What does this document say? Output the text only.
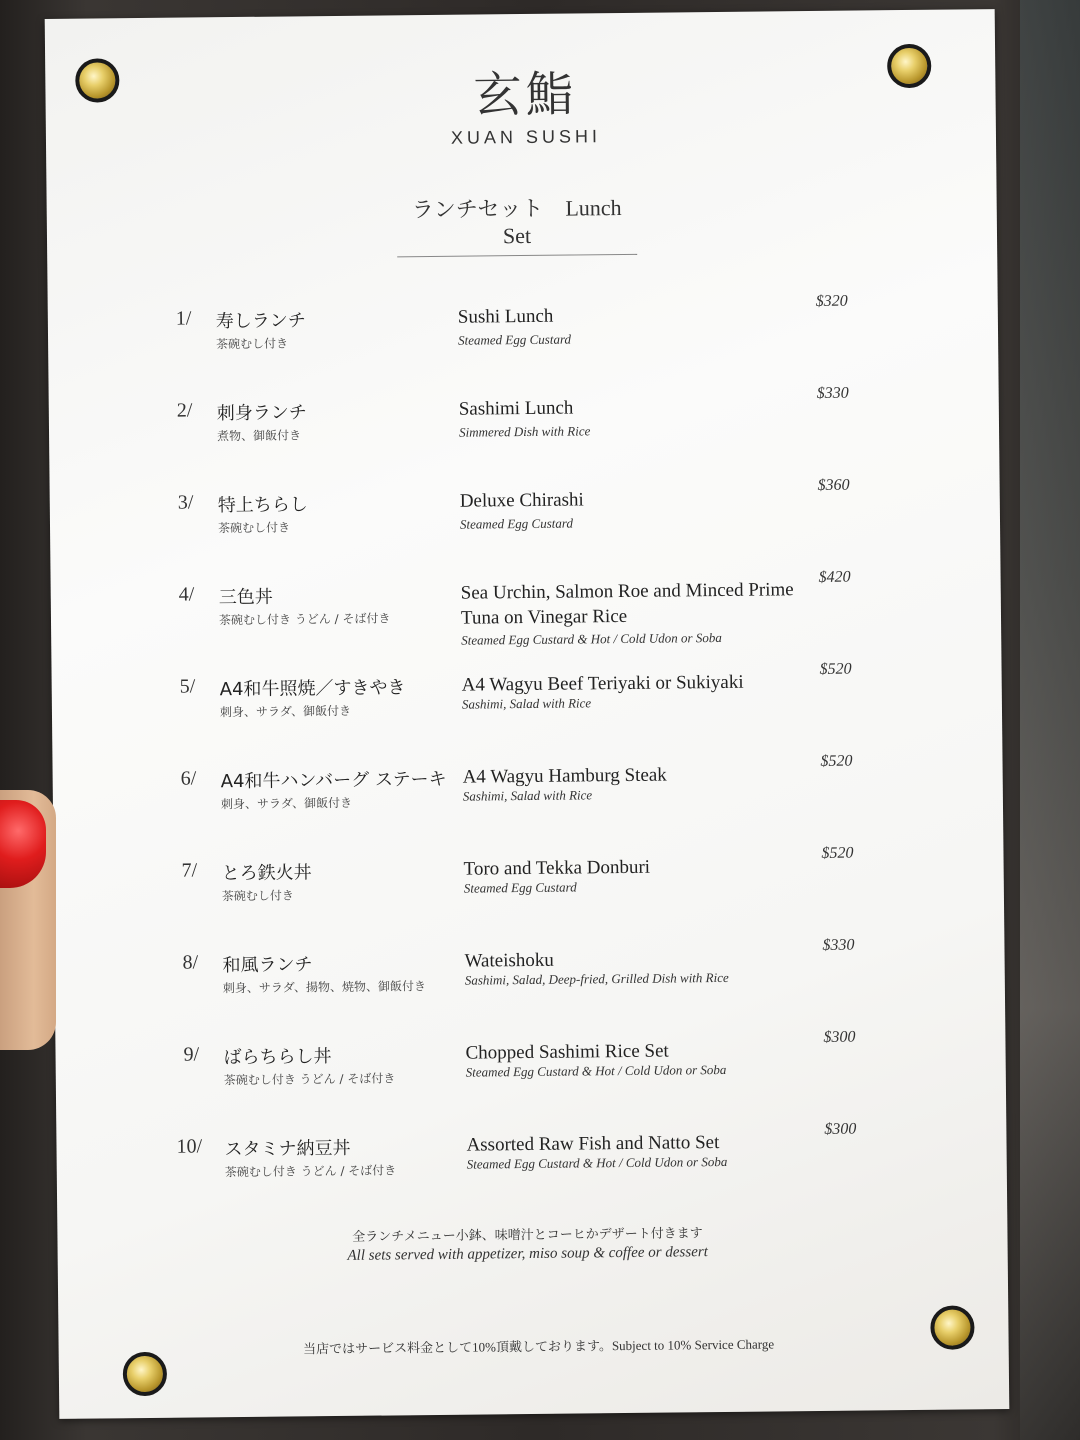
玄鮨
XUAN SUSHI
ランチセット　Lunch Set
1/ 寿しランチ
茶碗むし付き
Sushi Lunch
Steamed Egg Custard
$320
2/ 刺身ランチ
煮物、御飯付き
Sashimi Lunch
Simmered Dish with Rice
$330
3/ 特上ちらし
茶碗むし付き
Deluxe Chirashi
Steamed Egg Custard
$360
4/ 三色丼
茶碗むし付き うどん / そば付き
Sea Urchin, Salmon Roe and Minced Prime Tuna on Vinegar Rice
Steamed Egg Custard & Hot / Cold Udon or Soba
$420
5/ A4和牛照焼／すきやき
刺身、サラダ、御飯付き
A4 Wagyu Beef Teriyaki or Sukiyaki
Sashimi, Salad with Rice
$520
6/ A4和牛ハンバーグ ステーキ
刺身、サラダ、御飯付き
A4 Wagyu Hamburg Steak
Sashimi, Salad with Rice
$520
7/ とろ鉄火丼
茶碗むし付き
Toro and Tekka Donburi
Steamed Egg Custard
$520
8/ 和風ランチ
刺身、サラダ、揚物、焼物、御飯付き
Wateishoku
Sashimi, Salad, Deep-fried, Grilled Dish with Rice
$330
9/ ばらちらし丼
茶碗むし付き うどん / そば付き
Chopped Sashimi Rice Set
Steamed Egg Custard & Hot / Cold Udon or Soba
$300
10/ スタミナ納豆丼
茶碗むし付き うどん / そば付き
Assorted Raw Fish and Natto Set
Steamed Egg Custard & Hot / Cold Udon or Soba
$300
全ランチメニュー小鉢、味噌汁とコーヒかデザート付きます
All sets served with appetizer, miso soup & coffee or dessert
当店ではサービス料金として10%頂戴しております。Subject to 10% Service Charge
